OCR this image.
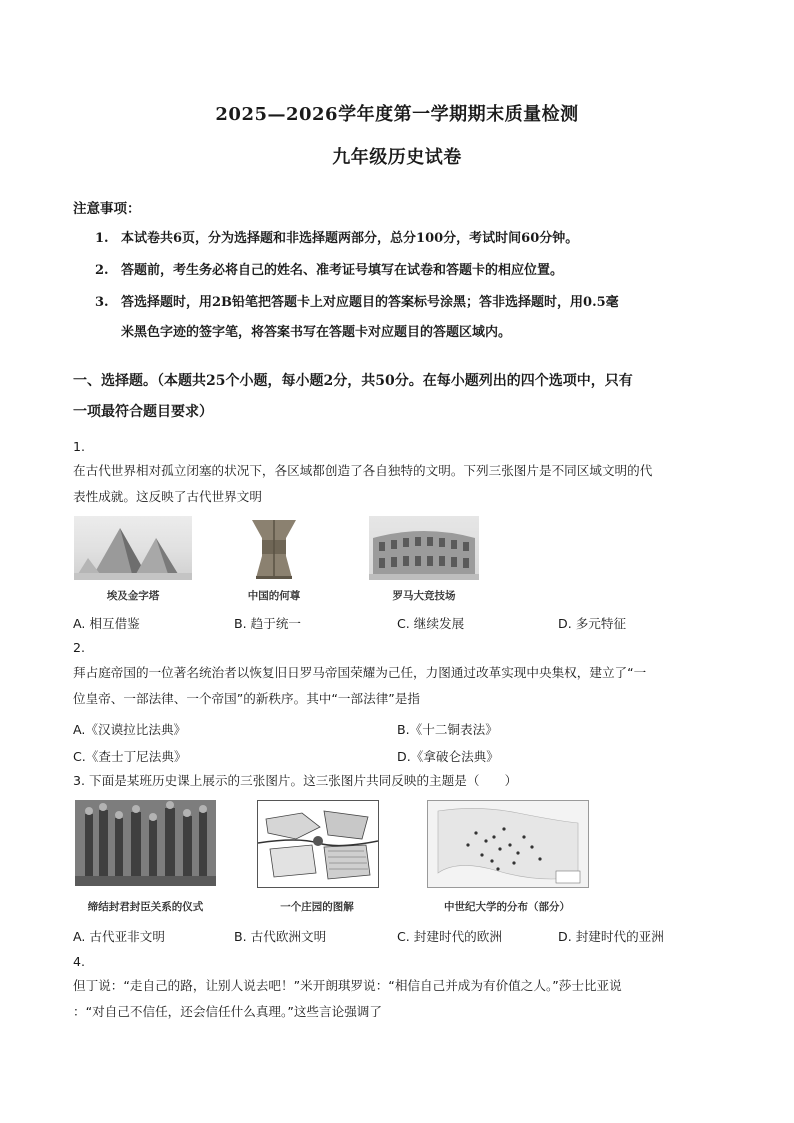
2025—2026学年度第一学期期末质量检测
九年级历史试卷
注意事项：
1. 本试卷共6页，分为选择题和非选择题两部分，总分100分，考试时间60分钟。
2. 答题前，考生务必将自己的姓名、准考证号填写在试卷和答题卡的相应位置。
3. 答选择题时，用2B铅笔把答题卡上对应题目的答案标号涂黑；答非选择题时，用0.5毫
米黑色字迹的签字笔，将答案书写在答题卡对应题目的答题区域内。
一、选择题。（本题共25个小题，每小题2分，共50分。在每小题列出的四个选项中，只有
一项最符合题目要求）
1.
在古代世界相对孤立闭塞的状况下，各区域都创造了各自独特的文明。下列三张图片是不同区域文明的代
表性成就。这反映了古代世界文明
埃及金字塔	中国的何尊	罗马大竞技场
A. 相互借鉴	B. 趋于统一	C. 继续发展	D. 多元特征
2.
拜占庭帝国的一位著名统治者以恢复旧日罗马帝国荣耀为己任，力图通过改革实现中央集权，建立了“一
位皇帝、一部法律、一个帝国”的新秩序。其中“一部法律”是指
A.《汉谟拉比法典》	B.《十二铜表法》
C.《查士丁尼法典》	D.《拿破仑法典》
3. 下面是某班历史课上展示的三张图片。这三张图片共同反映的主题是（　　）
缔结封君封臣关系的仪式	一个庄园的图解	中世纪大学的分布（部分）
A. 古代亚非文明	B. 古代欧洲文明	C. 封建时代的欧洲	D. 封建时代的亚洲
4.
但丁说：“走自己的路，让别人说去吧！”米开朗琪罗说：“相信自己并成为有价值之人。”莎士比亚说
：“对自己不信任，还会信任什么真理。”这些言论强调了
